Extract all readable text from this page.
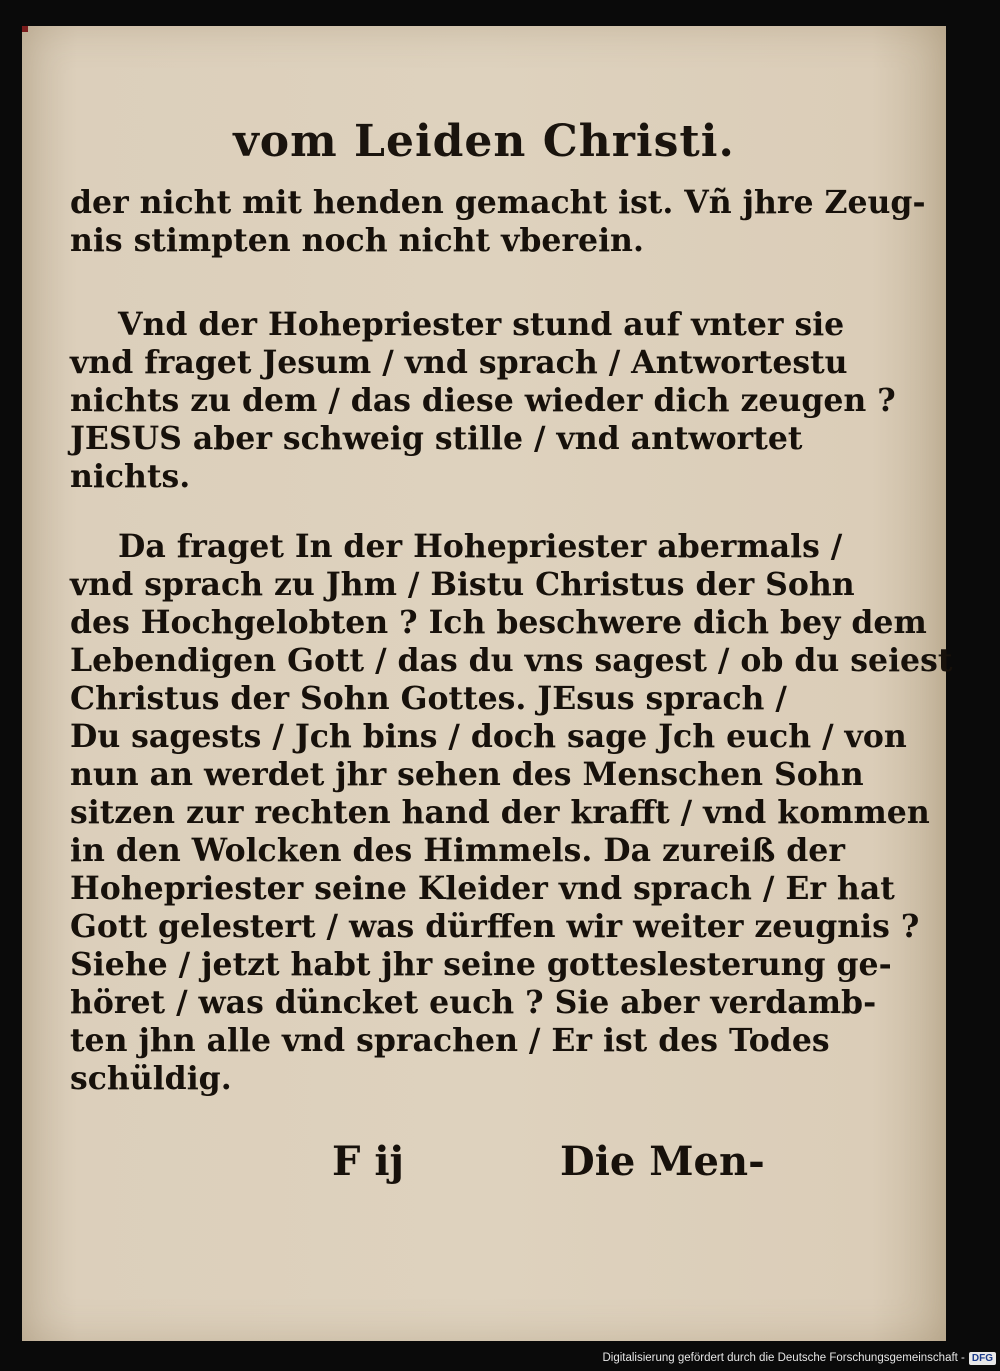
vom Leiden Christi.
der nicht mit henden gemacht ist. Vñ jhre Zeug-
nis stimpten noch nicht vberein.
Vnd der Hohepriester stund auf vnter sie
vnd fraget Jesum / vnd sprach / Antwortestu
nichts zu dem / das diese wieder dich zeugen ?
JESUS aber schweig stille / vnd antwortet
nichts.
Da fraget In der Hohepriester abermals /
vnd sprach zu Jhm / Bistu Christus der Sohn
des Hochgelobten ? Ich beschwere dich bey dem
Lebendigen Gott / das du vns sagest / ob du seiest
Christus der Sohn Gottes. JEsus sprach /
Du sagests / Jch bins / doch sage Jch euch / von
nun an werdet jhr sehen des Menschen Sohn
sitzen zur rechten hand der krafft / vnd kommen
in den Wolcken des Himmels. Da zureiß der
Hohepriester seine Kleider vnd sprach / Er hat
Gott gelestert / was dürffen wir weiter zeugnis ?
Siehe / jetzt habt jhr seine gotteslesterung ge-
höret / was düncket euch ? Sie aber verdamb-
ten jhn alle vnd sprachen / Er ist des Todes
schüldig.
F ij	Die Men-
Digitalisierung gefördert durch die Deutsche Forschungsgemeinschaft - DFG
